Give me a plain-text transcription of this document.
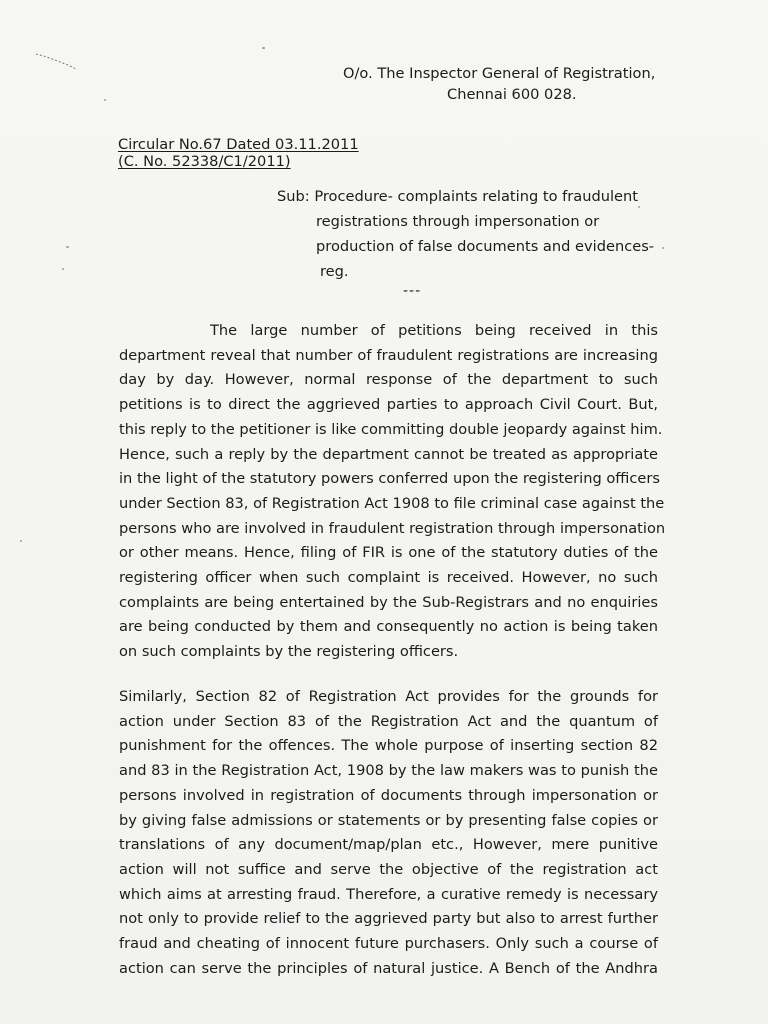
O/o. The Inspector General of Registration,
Chennai 600 028.
Circular No.67 Dated 03.11.2011
(C. No. 52338/C1/2011)
Sub: Procedure- complaints relating to fraudulent
registrations through impersonation or
production of false documents and evidences-
reg.
---
The large number of petitions being received in this
department reveal that number of fraudulent registrations are increasing
day by day. However, normal response of the department to such
petitions is to direct the aggrieved parties to approach Civil Court. But,
this reply to the petitioner is like committing double jeopardy against him.
Hence, such a reply by the department cannot be treated as appropriate
in the light of the statutory powers conferred upon the registering officers
under Section 83, of Registration Act 1908 to file criminal case against the
persons who are involved in fraudulent registration through impersonation
or other means. Hence, filing of FIR is one of the statutory duties of the
registering officer when such complaint is received. However, no such
complaints are being entertained by the Sub-Registrars and no enquiries
are being conducted by them and consequently no action is being taken
on such complaints by the registering officers.
Similarly, Section 82 of Registration Act provides for the grounds for
action under Section 83 of the Registration Act and the quantum of
punishment for the offences. The whole purpose of inserting section 82
and 83 in the Registration Act, 1908 by the law makers was to punish the
persons involved in registration of documents through impersonation or
by giving false admissions or statements or by presenting false copies or
translations of any document/map/plan etc., However, mere punitive
action will not suffice and serve the objective of the registration act
which aims at arresting fraud. Therefore, a curative remedy is necessary
not only to provide relief to the aggrieved party but also to arrest further
fraud and cheating of innocent future purchasers. Only such a course of
action can serve the principles of natural justice. A Bench of the Andhra
